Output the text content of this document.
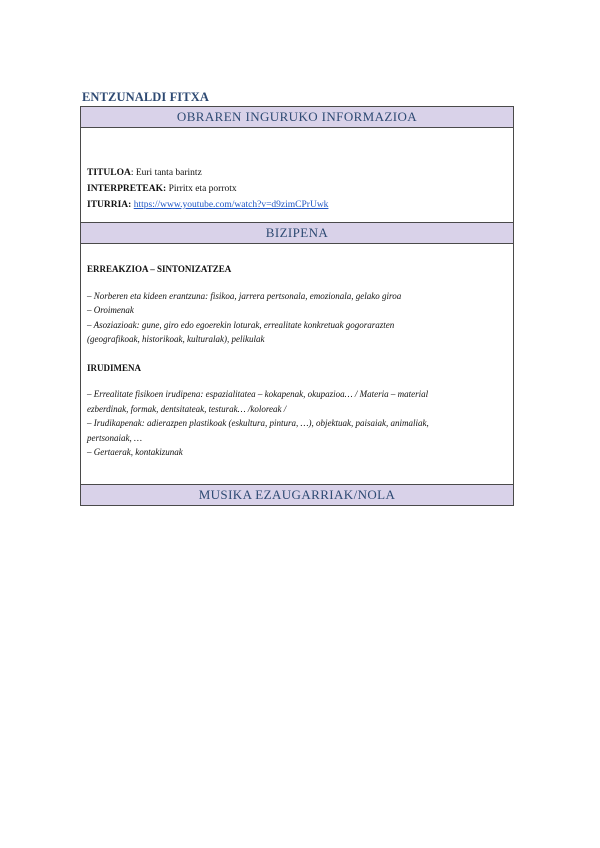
ENTZUNALDI FITXA
OBRAREN INGURUKO INFORMAZIOA
TITULOA: Euri tanta barintz
INTERPRETEAK: Pirritx eta porrotx
ITURRIA: https://www.youtube.com/watch?v=d9zimCPrUwk
BIZIPENA
ERREAKZIOA – SINTONIZATZEA
– Norberen eta kideen erantzuna: fisikoa, jarrera pertsonala, emozionala, gelako giroa
– Oroimenak
– Asoziazioak: gune, giro edo egoerekin loturak, errealitate konkretuak gogorarazten
(geografikoak, historikoak, kulturalak), pelikulak
IRUDIMENA
– Errealitate fisikoen irudipena: espazialitatea – kokapenak, okupazioa… / Materia – material
ezberdinak, formak, dentsitateak, testurak… /koloreak /
– Irudikapenak: adierazpen plastikoak (eskultura, pintura, …), objektuak, paisaiak, animaliak,
pertsonaiak, …
– Gertaerak, kontakizunak
MUSIKA EZAUGARRIAK/NOLA
